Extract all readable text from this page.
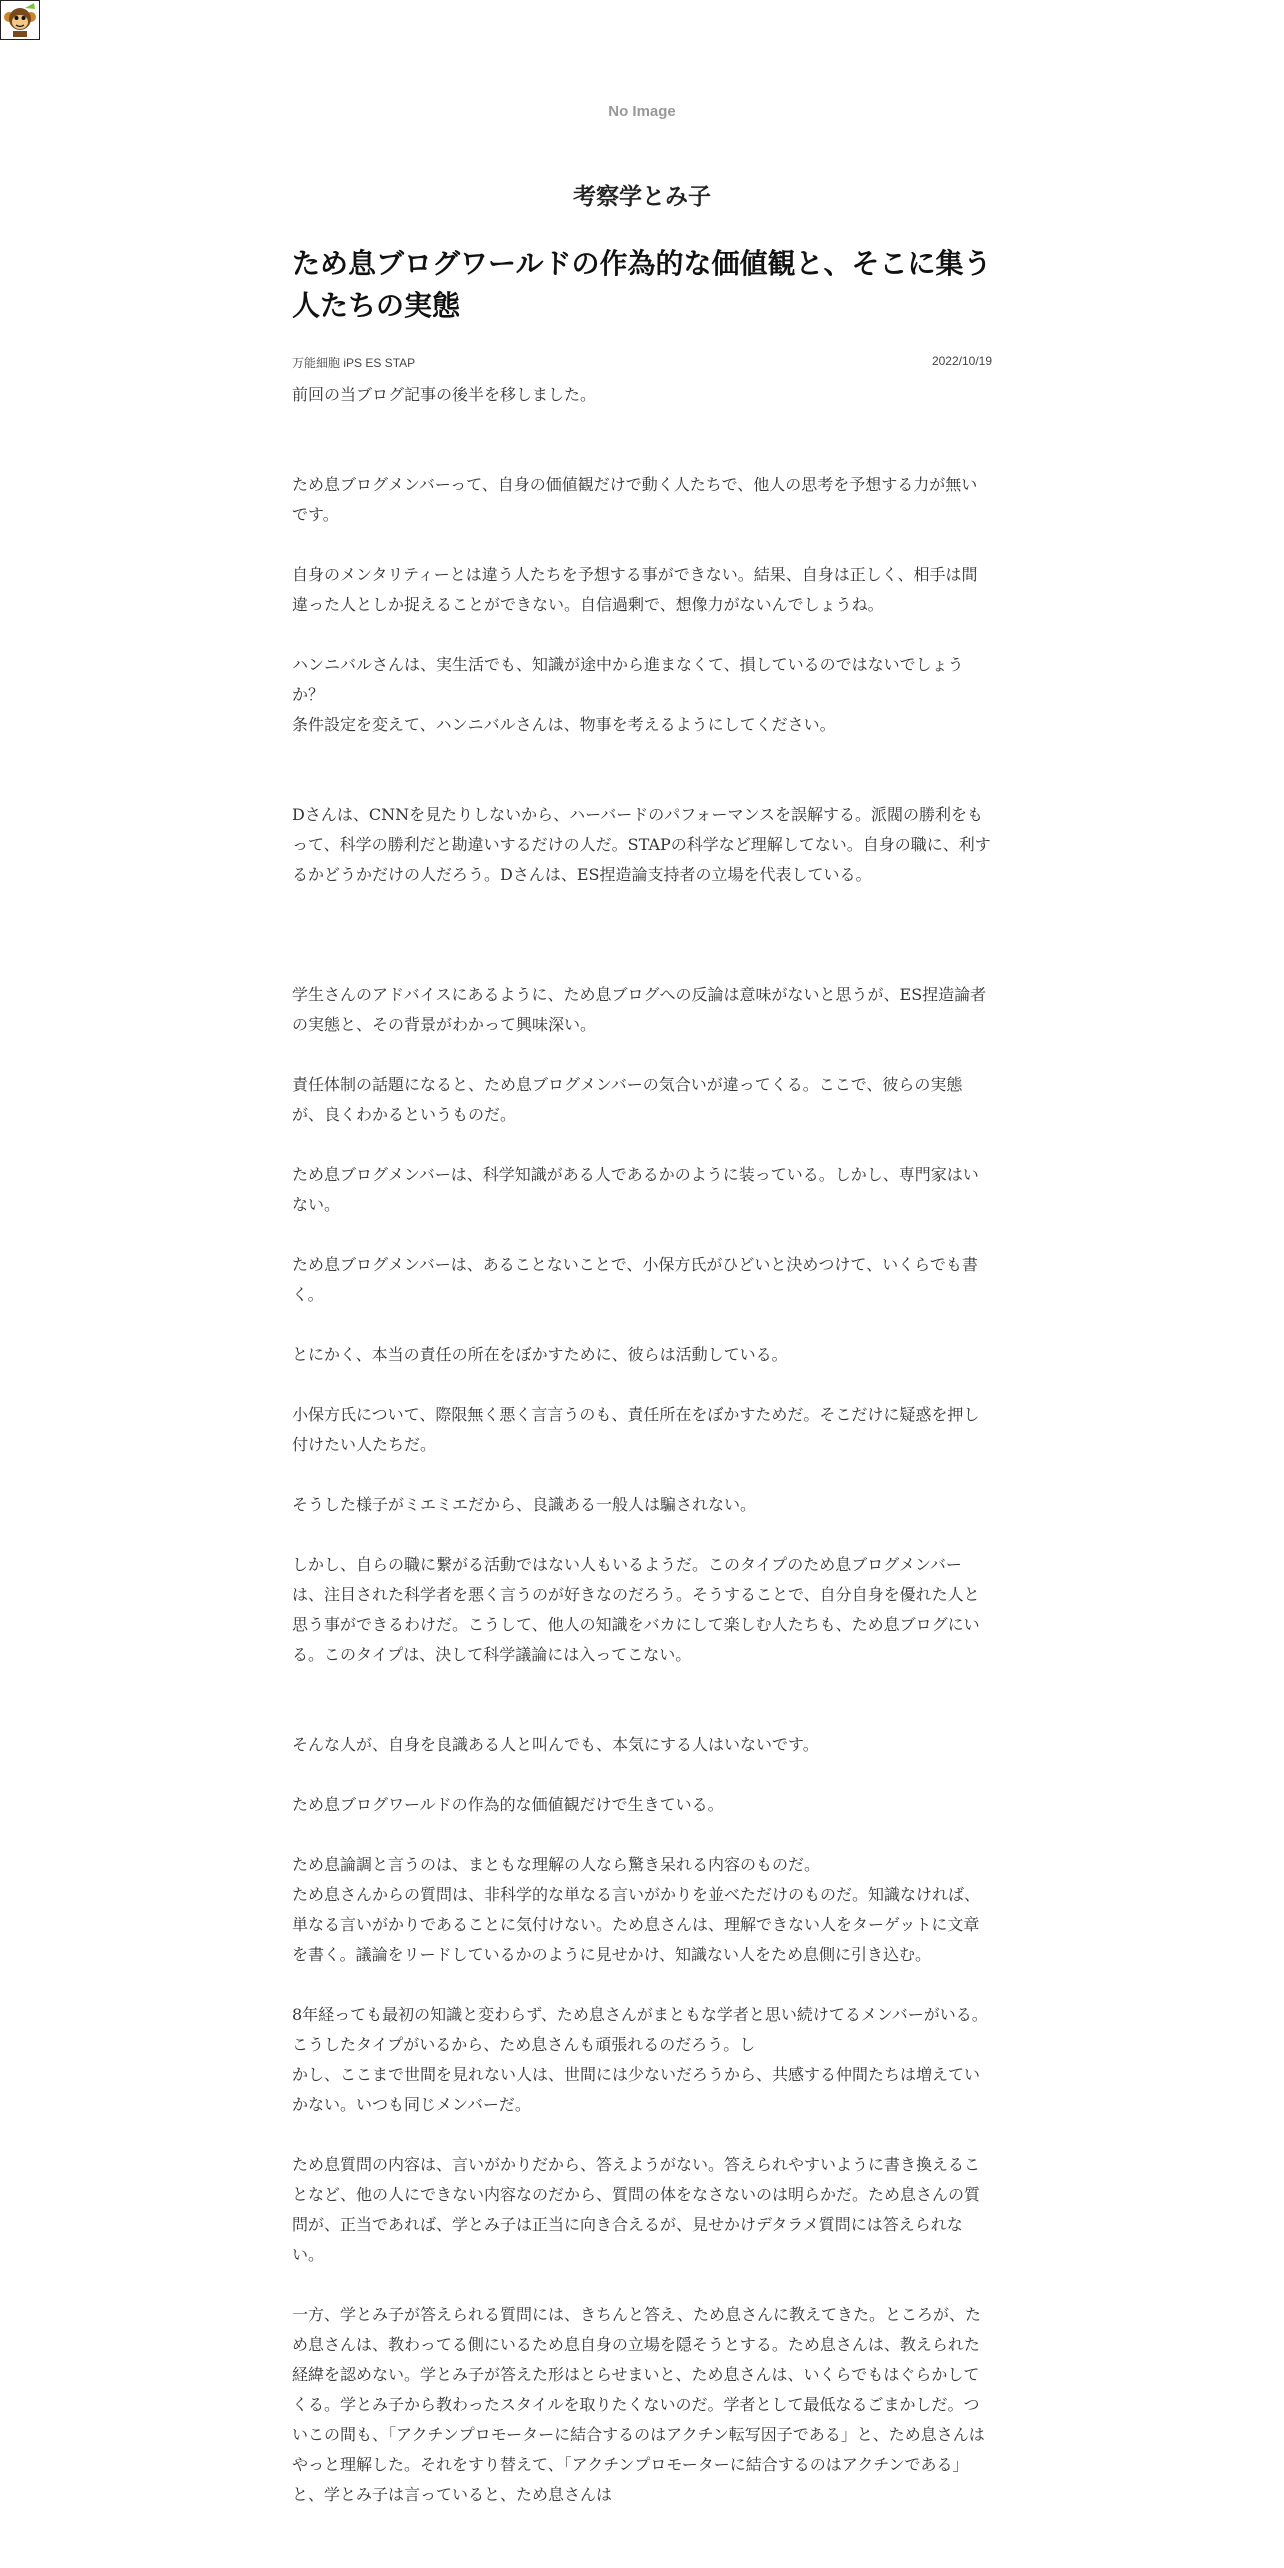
No Image
考察学とみ子
ため息ブログワールドの作為的な価値観と、そこに集う人たちの実態
万能細胞 iPS ES STAP	2022/10/19

前回の当ブログ記事の後半を移しました。

ため息ブログメンバーって、自身の価値観だけで動く人たちで、他人の思考を予想する力が無いです。

自身のメンタリティーとは違う人たちを予想する事ができない。結果、自身は正しく、相手は間違った人としか捉えることができない。自信過剰で、想像力がないんでしょうね。

ハンニバルさんは、実生活でも、知識が途中から進まなくて、損しているのではないでしょうか？

条件設定を変えて、ハンニバルさんは、物事を考えるようにしてください。

Dさんは、CNNを見たりしないから、ハーバードのパフォーマンスを誤解する。派閥の勝利をもって、科学の勝利だと勘違いするだけの人だ。STAPの科学など理解してない。自身の職に、利するかどうかだけの人だろう。Dさんは、ES捏造論支持者の立場を代表している。

学生さんのアドバイスにあるように、ため息ブログへの反論は意味がないと思うが、ES捏造論者の実態と、その背景がわかって興味深い。

責任体制の話題になると、ため息ブログメンバーの気合いが違ってくる。ここで、彼らの実態が、良くわかるというものだ。

ため息ブログメンバーは、科学知識がある人であるかのように装っている。しかし、専門家はいない。

ため息ブログメンバーは、あることないことで、小保方氏がひどいと決めつけて、いくらでも書く。

とにかく、本当の責任の所在をぼかすために、彼らは活動している。

小保方氏について、際限無く悪く言言うのも、責任所在をぼかすためだ。そこだけに疑惑を押し付けたい人たちだ。

そうした様子がミエミエだから、良識ある一般人は騙されない。

しかし、自らの職に繋がる活動ではない人もいるようだ。このタイプのため息ブログメンバーは、注目された科学者を悪く言うのが好きなのだろう。そうすることで、自分自身を優れた人と思う事ができるわけだ。こうして、他人の知識をバカにして楽しむ人たちも、ため息ブログにいる。このタイプは、決して科学議論には入ってこない。

そんな人が、自身を良識ある人と叫んでも、本気にする人はいないです。

ため息ブログワールドの作為的な価値観だけで生きている。

ため息論調と言うのは、まともな理解の人なら驚き呆れる内容のものだ。

ため息さんからの質問は、非科学的な単なる言いがかりを並べただけのものだ。知識なければ、単なる言いがかりであることに気付けない。ため息さんは、理解できない人をターゲットに文章を書く。議論をリードしているかのように見せかけ、知識ない人をため息側に引き込む。

8年経っても最初の知識と変わらず、ため息さんがまともな学者と思い続けてるメンバーがいる。こうしたタイプがいるから、ため息さんも頑張れるのだろう。し

かし、ここまで世間を見れない人は、世間には少ないだろうから、共感する仲間たちは増えていかない。いつも同じメンバーだ。

ため息質問の内容は、言いがかりだから、答えようがない。答えられやすいように書き換えることなど、他の人にできない内容なのだから、質問の体をなさないのは明らかだ。ため息さんの質問が、正当であれば、学とみ子は正当に向き合えるが、見せかけデタラメ質問には答えられない。

一方、学とみ子が答えられる質問には、きちんと答え、ため息さんに教えてきた。ところが、ため息さんは、教わってる側にいるため息自身の立場を隠そうとする。ため息さんは、教えられた経緯を認めない。学とみ子が答えた形はとらせまいと、ため息さんは、いくらでもはぐらかしてくる。学とみ子から教わったスタイルを取りたくないのだ。学者として最低なるごまかしだ。ついこの間も、「アクチンプロモーターに結合するのはアクチン転写因子である」と、ため息さんはやっと理解した。それをすり替えて、「アクチンプロモーターに結合するのはアクチンである」と、学とみ子は言っていると、ため息さんは
